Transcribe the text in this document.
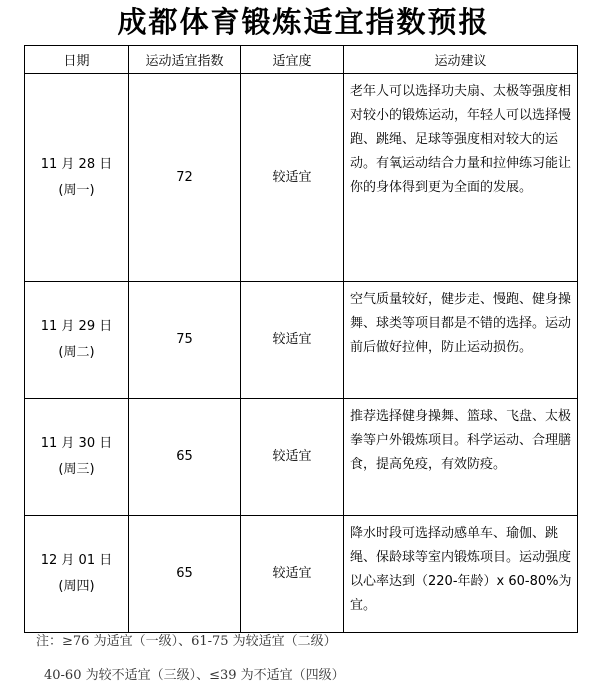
成都体育锻炼适宜指数预报
日期	运动适宜指数	适宜度	运动建议

11 月 28 日
(周一)	72	较适宜	老年人可以选择功夫扇、太极等强度相对较小的锻炼运动，年轻人可以选择慢跑、跳绳、足球等强度相对较大的运动。有氧运动结合力量和拉伸练习能让你的身体得到更为全面的发展。

11 月 29 日
(周二)	75	较适宜	空气质量较好，健步走、慢跑、健身操舞、球类等项目都是不错的选择。运动前后做好拉伸，防止运动损伤。

11 月 30 日
(周三)	65	较适宜	推荐选择健身操舞、篮球、飞盘、太极拳等户外锻炼项目。科学运动、合理膳食，提高免疫，有效防疫。

12 月 01 日
(周四)	65	较适宜	降水时段可选择动感单车、瑜伽、跳绳、保龄球等室内锻炼项目。运动强度以心率达到（220-年龄）x 60-80%为宜。
注：≥76 为适宜（一级）、61-75 为较适宜（二级）
40-60 为较不适宜（三级）、≤39 为不适宜（四级）
